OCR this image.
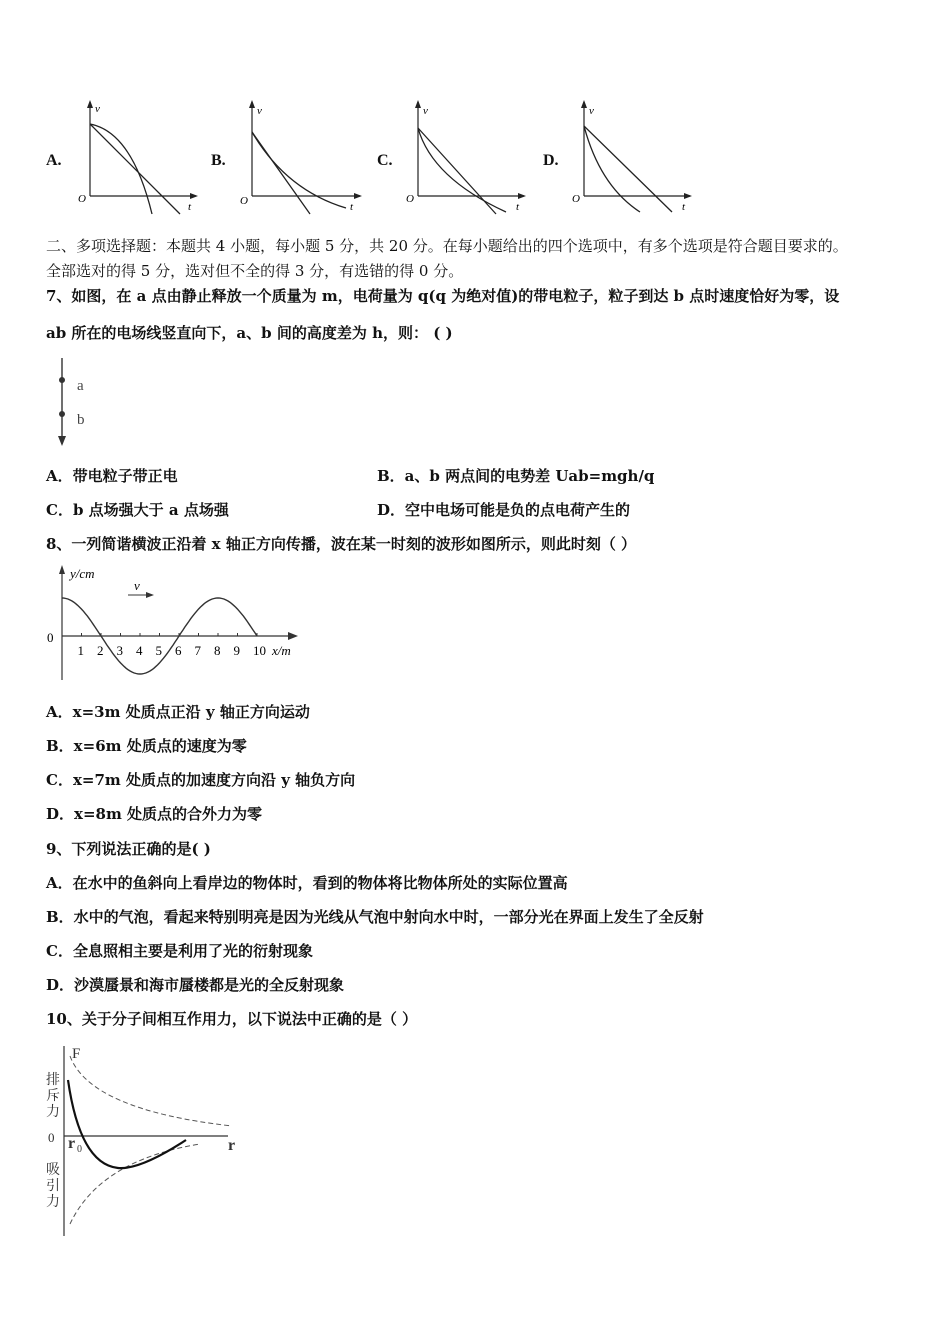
A.	B.	C.	D.
v
t
O
v
t
O
v
t
O
v
t
O
二、多项选择题：本题共 4 小题，每小题 5 分，共 20 分。在每小题给出的四个选项中，有多个选项是符合题目要求的。
全部选对的得 5 分，选对但不全的得 3 分，有选错的得 0 分。
7、如图，在 a 点由静止释放一个质量为 m，电荷量为 q(q 为绝对值)的带电粒子，粒子到达 b 点时速度恰好为零，设
ab 所在的电场线竖直向下，a、b 间的高度差为 h，则： ( )
a
b
A．带电粒子带正电	B．a、b 两点间的电势差 Uab=mgh/q
C．b 点场强大于 a 点场强	D．空中电场可能是负的点电荷产生的
8、一列简谐横波正沿着 x 轴正方向传播，波在某一时刻的波形如图所示，则此时刻（ ）
y/cm
v
0
1 2 3 4 5 6 7 8 9 10 x/m
A．x=3m 处质点正沿 y 轴正方向运动
B．x=6m 处质点的速度为零
C．x=7m 处质点的加速度方向沿 y 轴负方向
D．x=8m 处质点的合外力为零
9、下列说法正确的是( )
A．在水中的鱼斜向上看岸边的物体时，看到的物体将比物体所处的实际位置高
B．水中的气泡，看起来特别明亮是因为光线从气泡中射向水中时，一部分光在界面上发生了全反射
C．全息照相主要是利用了光的衍射现象
D．沙漠蜃景和海市蜃楼都是光的全反射现象
10、关于分子间相互作用力，以下说法中正确的是（ ）
F
排
斥
力
0 r 0	r
吸
引
力
